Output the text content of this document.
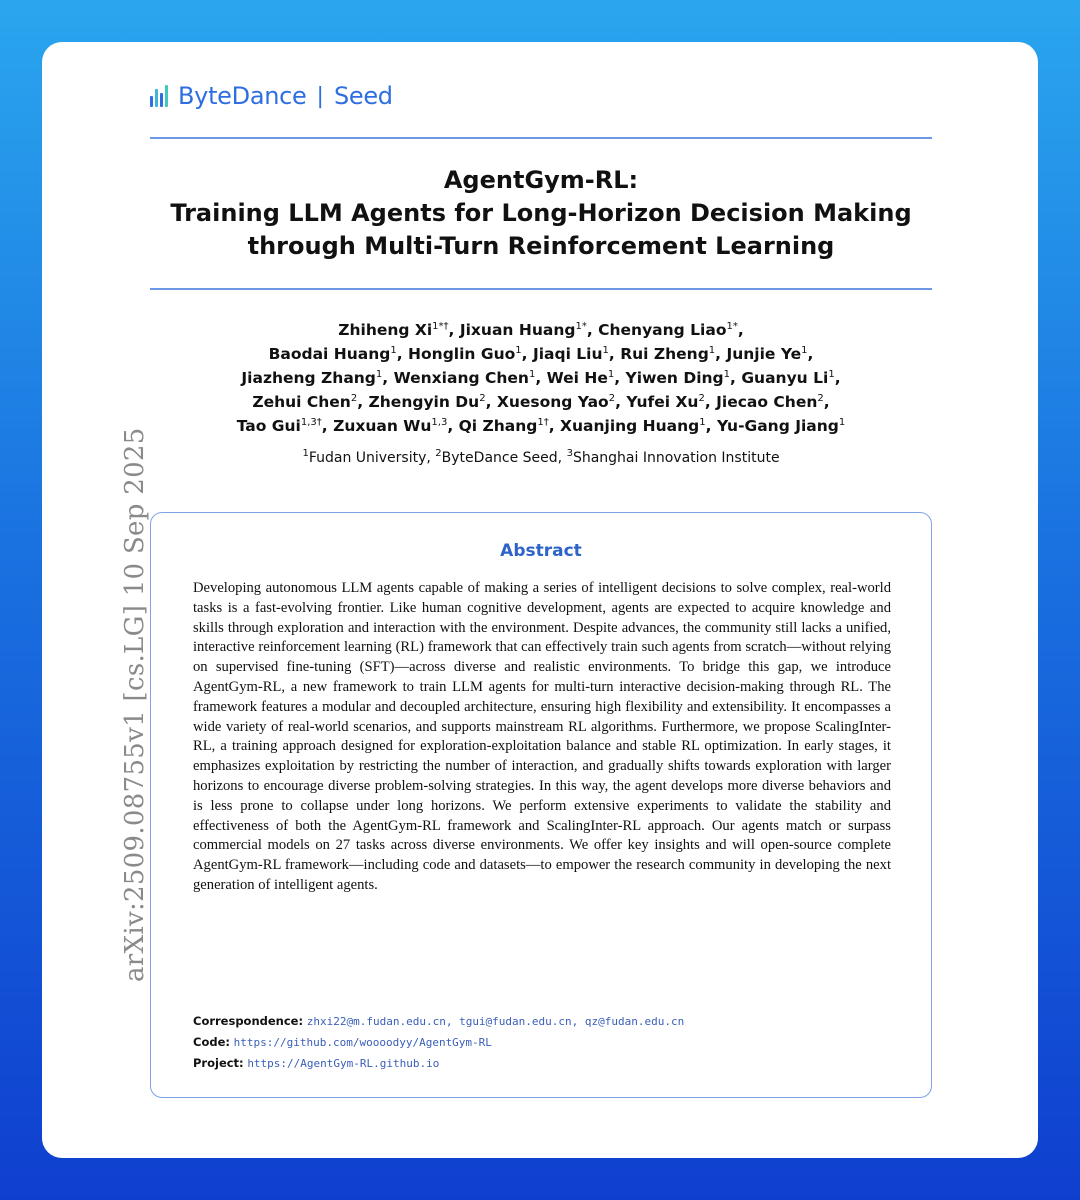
arXiv:2509.08755v1 [cs.LG] 10 Sep 2025
ByteDance | Seed
AgentGym-RL:
Training LLM Agents for Long-Horizon Decision Making
through Multi-Turn Reinforcement Learning
Zhiheng $Xi^{1*\dagger}$, Jixuan Huang$^{1*}$, Chenyang Liao$^{1*}$,
Baodai Huang$^1$, Honglin Guo$^1$, Jiaqi Liu$^1$, Rui Zheng$^1$, Junjie Ye$^1$,
Jiazheng Zhang$^1$, Wenxiang Chen$^1$, Wei He$^1$, Yiwen Ding$^1$, Guanyu Li$^1$,
Zehui Chen$^2$, Zhengyin Du$^2$, Xuesong Yao$^2$, Yufei Xu$^2$, Jiecao Chen$^2$,
Tao Gui$^{1,3\dagger}$, Zuxuan Wu$^{1,3}$, Qi Zhang$^{1\dagger}$, Xuanjing Huang$^1$, Yu-Gang Jiang$^1$
$^1$Fudan University, $^2$ByteDance Seed, $^3$Shanghai Innovation Institute
Abstract
Developing autonomous LLM agents capable of making a series of intelligent decisions to solve complex, real-world tasks is a fast-evolving frontier. Like human cognitive development, agents are expected to acquire knowledge and skills through exploration and interaction with the environment. Despite advances, the community still lacks a unified, interactive reinforcement learning (RL) framework that can effectively train such agents from scratch—without relying on supervised fine-tuning (SFT)—across diverse and realistic environments. To bridge this gap, we introduce AgentGym-RL, a new framework to train LLM agents for multi-turn interactive decision-making through RL. The framework features a modular and decoupled architecture, ensuring high flexibility and extensibility. It encompasses a wide variety of real-world scenarios, and supports mainstream RL algorithms. Furthermore, we propose ScalingInter-RL, a training approach designed for exploration-exploitation balance and stable RL optimization. In early stages, it emphasizes exploitation by restricting the number of interaction, and gradually shifts towards exploration with larger horizons to encourage diverse problem-solving strategies. In this way, the agent develops more diverse behaviors and is less prone to collapse under long horizons. We perform extensive experiments to validate the stability and effectiveness of both the AgentGym-RL framework and ScalingInter-RL approach. Our agents match or surpass commercial models on 27 tasks across diverse environments. We offer key insights and will open-source complete AgentGym-RL framework—including code and datasets—to empower the research community in developing the next generation of intelligent agents.
Correspondence: zhxi22@m.fudan.edu.cn, tgui@fudan.edu.cn, qz@fudan.edu.cn
Code: https://github.com/woooodyy/AgentGym-RL
Project: https://AgentGym-RL.github.io
